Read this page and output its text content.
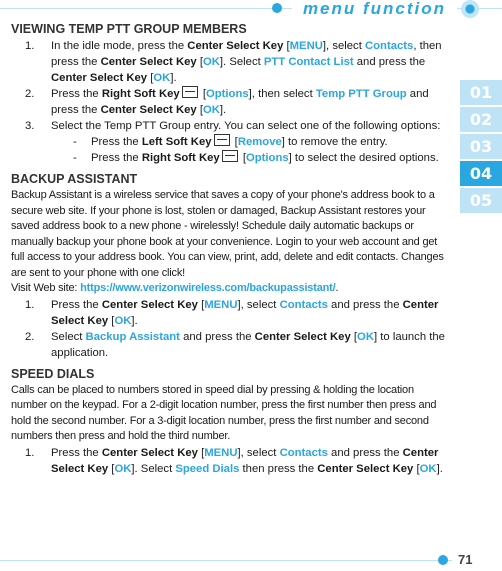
menu function
01
02
03
04
05
VIEWING TEMP PTT GROUP MEMBERS
1. In the idle mode, press the Center Select Key [MENU], select Contacts, then press the Center Select Key [OK]. Select PTT Contact List and press the Center Select Key [OK].
2. Press the Right Soft Key [Options], then select Temp PTT Group and press the Center Select Key [OK].
3. Select the Temp PTT Group entry. You can select one of the following options:
- Press the Left Soft Key [Remove] to remove the entry.
- Press the Right Soft Key [Options] to select the desired options.
BACKUP ASSISTANT

Backup Assistant is a wireless service that saves a copy of your phone's address book to a secure web site. If your phone is lost, stolen or damaged, Backup Assistant restores your saved address book to a new phone - wirelessly! Schedule daily automatic backups or manually backup your phone book at your convenience. Login to your web account and get full access to your address book. You can view, print, add, delete and edit contacts. Changes are sent to your phone with one click!

Visit Web site: https://www.verizonwireless.com/backupassistant/.

1. Press the Center Select Key [MENU], select Contacts and press the Center Select Key [OK].
2. Select Backup Assistant and press the Center Select Key [OK] to launch the application.
SPEED DIALS

Calls can be placed to numbers stored in speed dial by pressing & holding the location number on the keypad. For a 2-digit location number, press the first number then press and hold the second number. For a 3-digit location number, press the first number and second numbers then press and hold the third number.

1. Press the Center Select Key [MENU], select Contacts and press the Center Select Key [OK]. Select Speed Dials then press the Center Select Key [OK].
71
